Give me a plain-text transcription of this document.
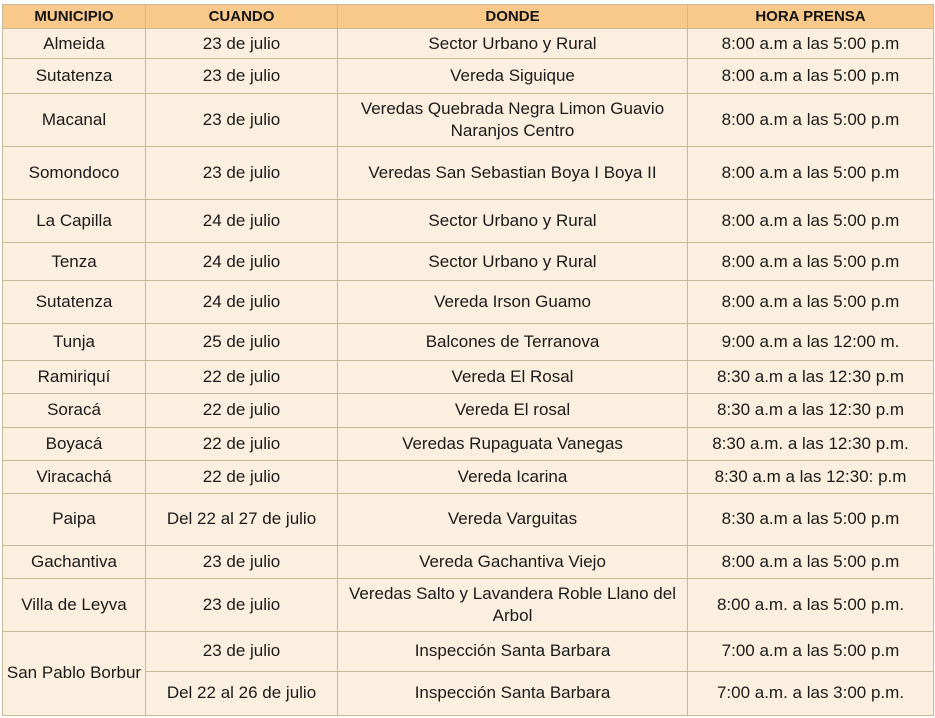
MUNICIPIO	CUANDO	DONDE	HORA PRENSA
Almeida	23 de julio	Sector Urbano y Rural	8:00 a.m a las 5:00 p.m
Sutatenza	23 de julio	Vereda Siguique	8:00 a.m a las 5:00 p.m
Macanal	23 de julio	Veredas Quebrada Negra Limon Guavio Naranjos Centro	8:00 a.m a las 5:00 p.m
Somondoco	23 de julio	Veredas San Sebastian Boya I Boya II	8:00 a.m a las 5:00 p.m
La Capilla	24 de julio	Sector Urbano y Rural	8:00 a.m a las 5:00 p.m
Tenza	24 de julio	Sector Urbano y Rural	8:00 a.m a las 5:00 p.m
Sutatenza	24 de julio	Vereda Irson Guamo	8:00 a.m a las 5:00 p.m
Tunja	25 de julio	Balcones de Terranova	9:00 a.m a las 12:00 m.
Ramiriquí	22 de julio	Vereda El Rosal	8:30 a.m a las 12:30 p.m
Soracá	22 de julio	Vereda El rosal	8:30 a.m a las 12:30 p.m
Boyacá	22 de julio	Veredas Rupaguata Vanegas	8:30 a.m. a las 12:30 p.m.
Viracachá	22 de julio	Vereda Icarina	8:30 a.m a las 12:30: p.m
Paipa	Del 22 al 27 de julio	Vereda Varguitas	8:30 a.m a las 5:00 p.m
Gachantiva	23 de julio	Vereda Gachantiva Viejo	8:00 a.m a las 5:00 p.m
Villa de Leyva	23 de julio	Veredas Salto y Lavandera Roble Llano del Arbol	8:00 a.m. a las 5:00 p.m.
San Pablo Borbur	23 de julio	Inspección Santa Barbara	7:00 a.m a las 5:00 p.m
	Del 22 al 26 de julio	Inspección Santa Barbara	7:00 a.m. a las 3:00 p.m.
